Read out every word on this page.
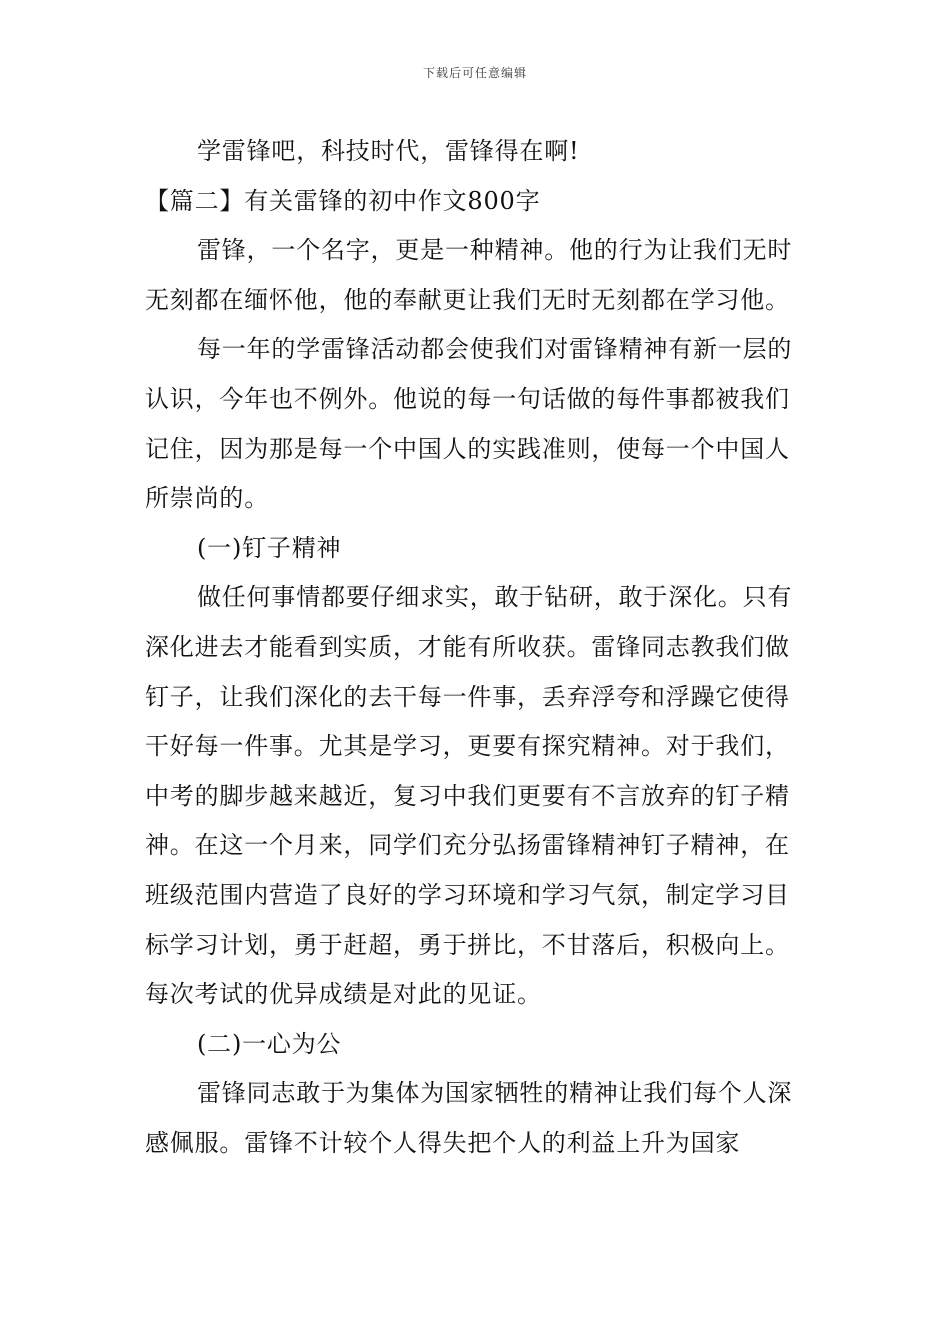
下载后可任意编辑

学雷锋吧，科技时代，雷锋得在啊!

【篇二】有关雷锋的初中作文800字

雷锋，一个名字，更是一种精神。他的行为让我们无时无刻都在缅怀他，他的奉献更让我们无时无刻都在学习他。

每一年的学雷锋活动都会使我们对雷锋精神有新一层的认识，今年也不例外。他说的每一句话做的每件事都被我们记住，因为那是每一个中国人的实践准则，使每一个中国人所崇尚的。

(一)钉子精神

做任何事情都要仔细求实，敢于钻研，敢于深化。只有深化进去才能看到实质，才能有所收获。雷锋同志教我们做钉子，让我们深化的去干每一件事，丢弃浮夸和浮躁它使得干好每一件事。尤其是学习，更要有探究精神。对于我们，中考的脚步越来越近，复习中我们更要有不言放弃的钉子精神。在这一个月来，同学们充分弘扬雷锋精神钉子精神，在班级范围内营造了良好的学习环境和学习气氛，制定学习目标学习计划，勇于赶超，勇于拼比，不甘落后，积极向上。每次考试的优异成绩是对此的见证。

(二)一心为公

雷锋同志敢于为集体为国家牺牲的精神让我们每个人深感佩服。雷锋不计较个人得失把个人的利益上升为国家
